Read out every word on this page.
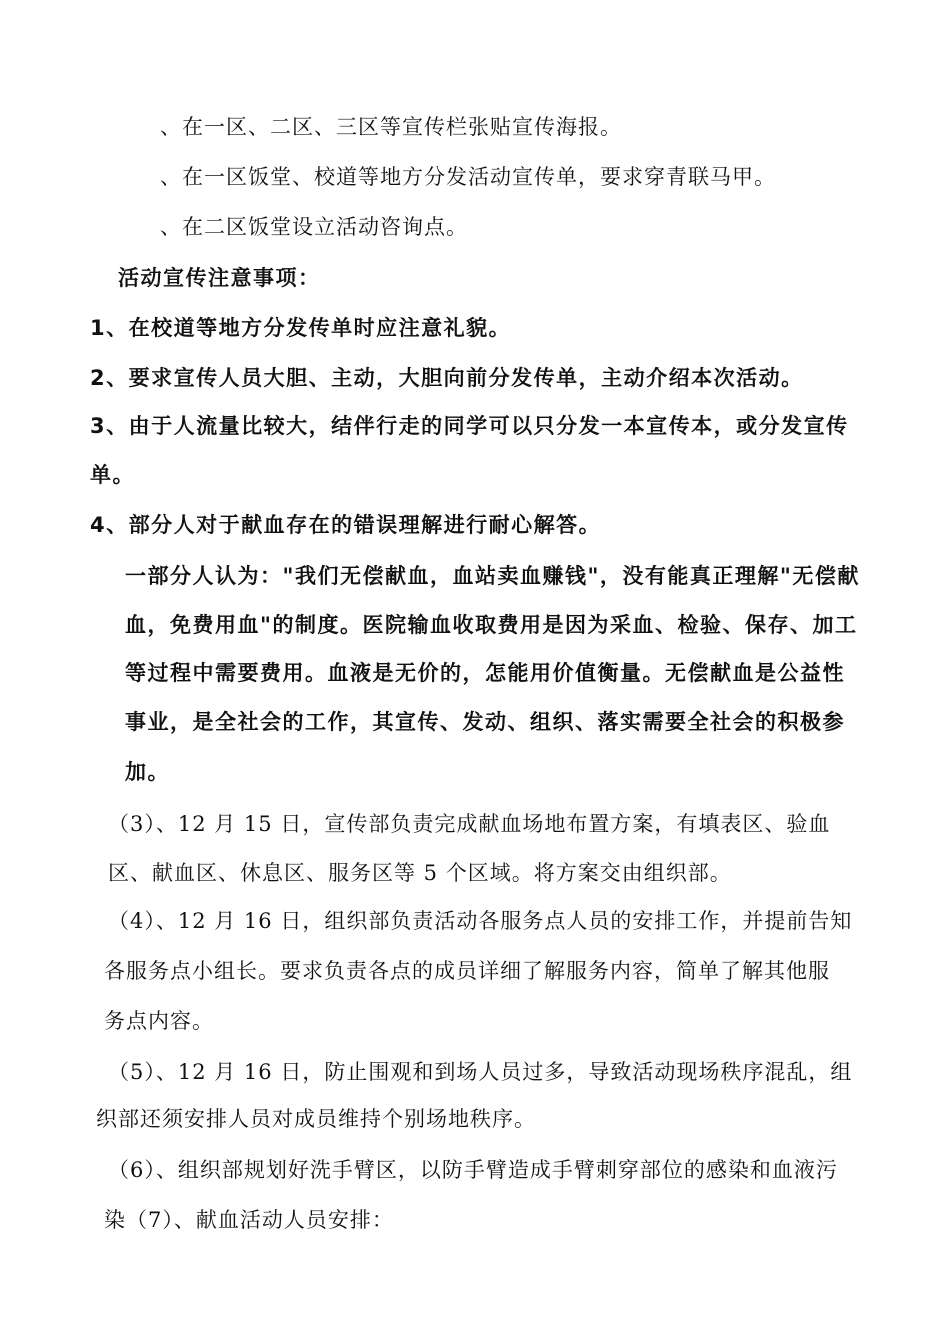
、在一区、二区、三区等宣传栏张贴宣传海报。
、在一区饭堂、校道等地方分发活动宣传单，要求穿青联马甲。
、在二区饭堂设立活动咨询点。
活动宣传注意事项：
1、在校道等地方分发传单时应注意礼貌。
2、要求宣传人员大胆、主动，大胆向前分发传单，主动介绍本次活动。
3、由于人流量比较大，结伴行走的同学可以只分发一本宣传本，或分发宣传
单。
4、部分人对于献血存在的错误理解进行耐心解答。
一部分人认为："我们无偿献血，血站卖血赚钱"，没有能真正理解"无偿献
血，免费用血"的制度。医院输血收取费用是因为采血、检验、保存、加工
等过程中需要费用。血液是无价的，怎能用价值衡量。无偿献血是公益性
事业，是全社会的工作，其宣传、发动、组织、落实需要全社会的积极参
加。
（3）、12 月 15 日，宣传部负责完成献血场地布置方案，有填表区、验血
区、献血区、休息区、服务区等 5 个区域。将方案交由组织部。
（4）、12 月 16 日，组织部负责活动各服务点人员的安排工作，并提前告知
各服务点小组长。要求负责各点的成员详细了解服务内容，简单了解其他服
务点内容。
（5）、12 月 16 日，防止围观和到场人员过多，导致活动现场秩序混乱，组
织部还须安排人员对成员维持个别场地秩序。
（6）、组织部规划好洗手臂区，以防手臂造成手臂刺穿部位的感染和血液污
染（7）、献血活动人员安排：
